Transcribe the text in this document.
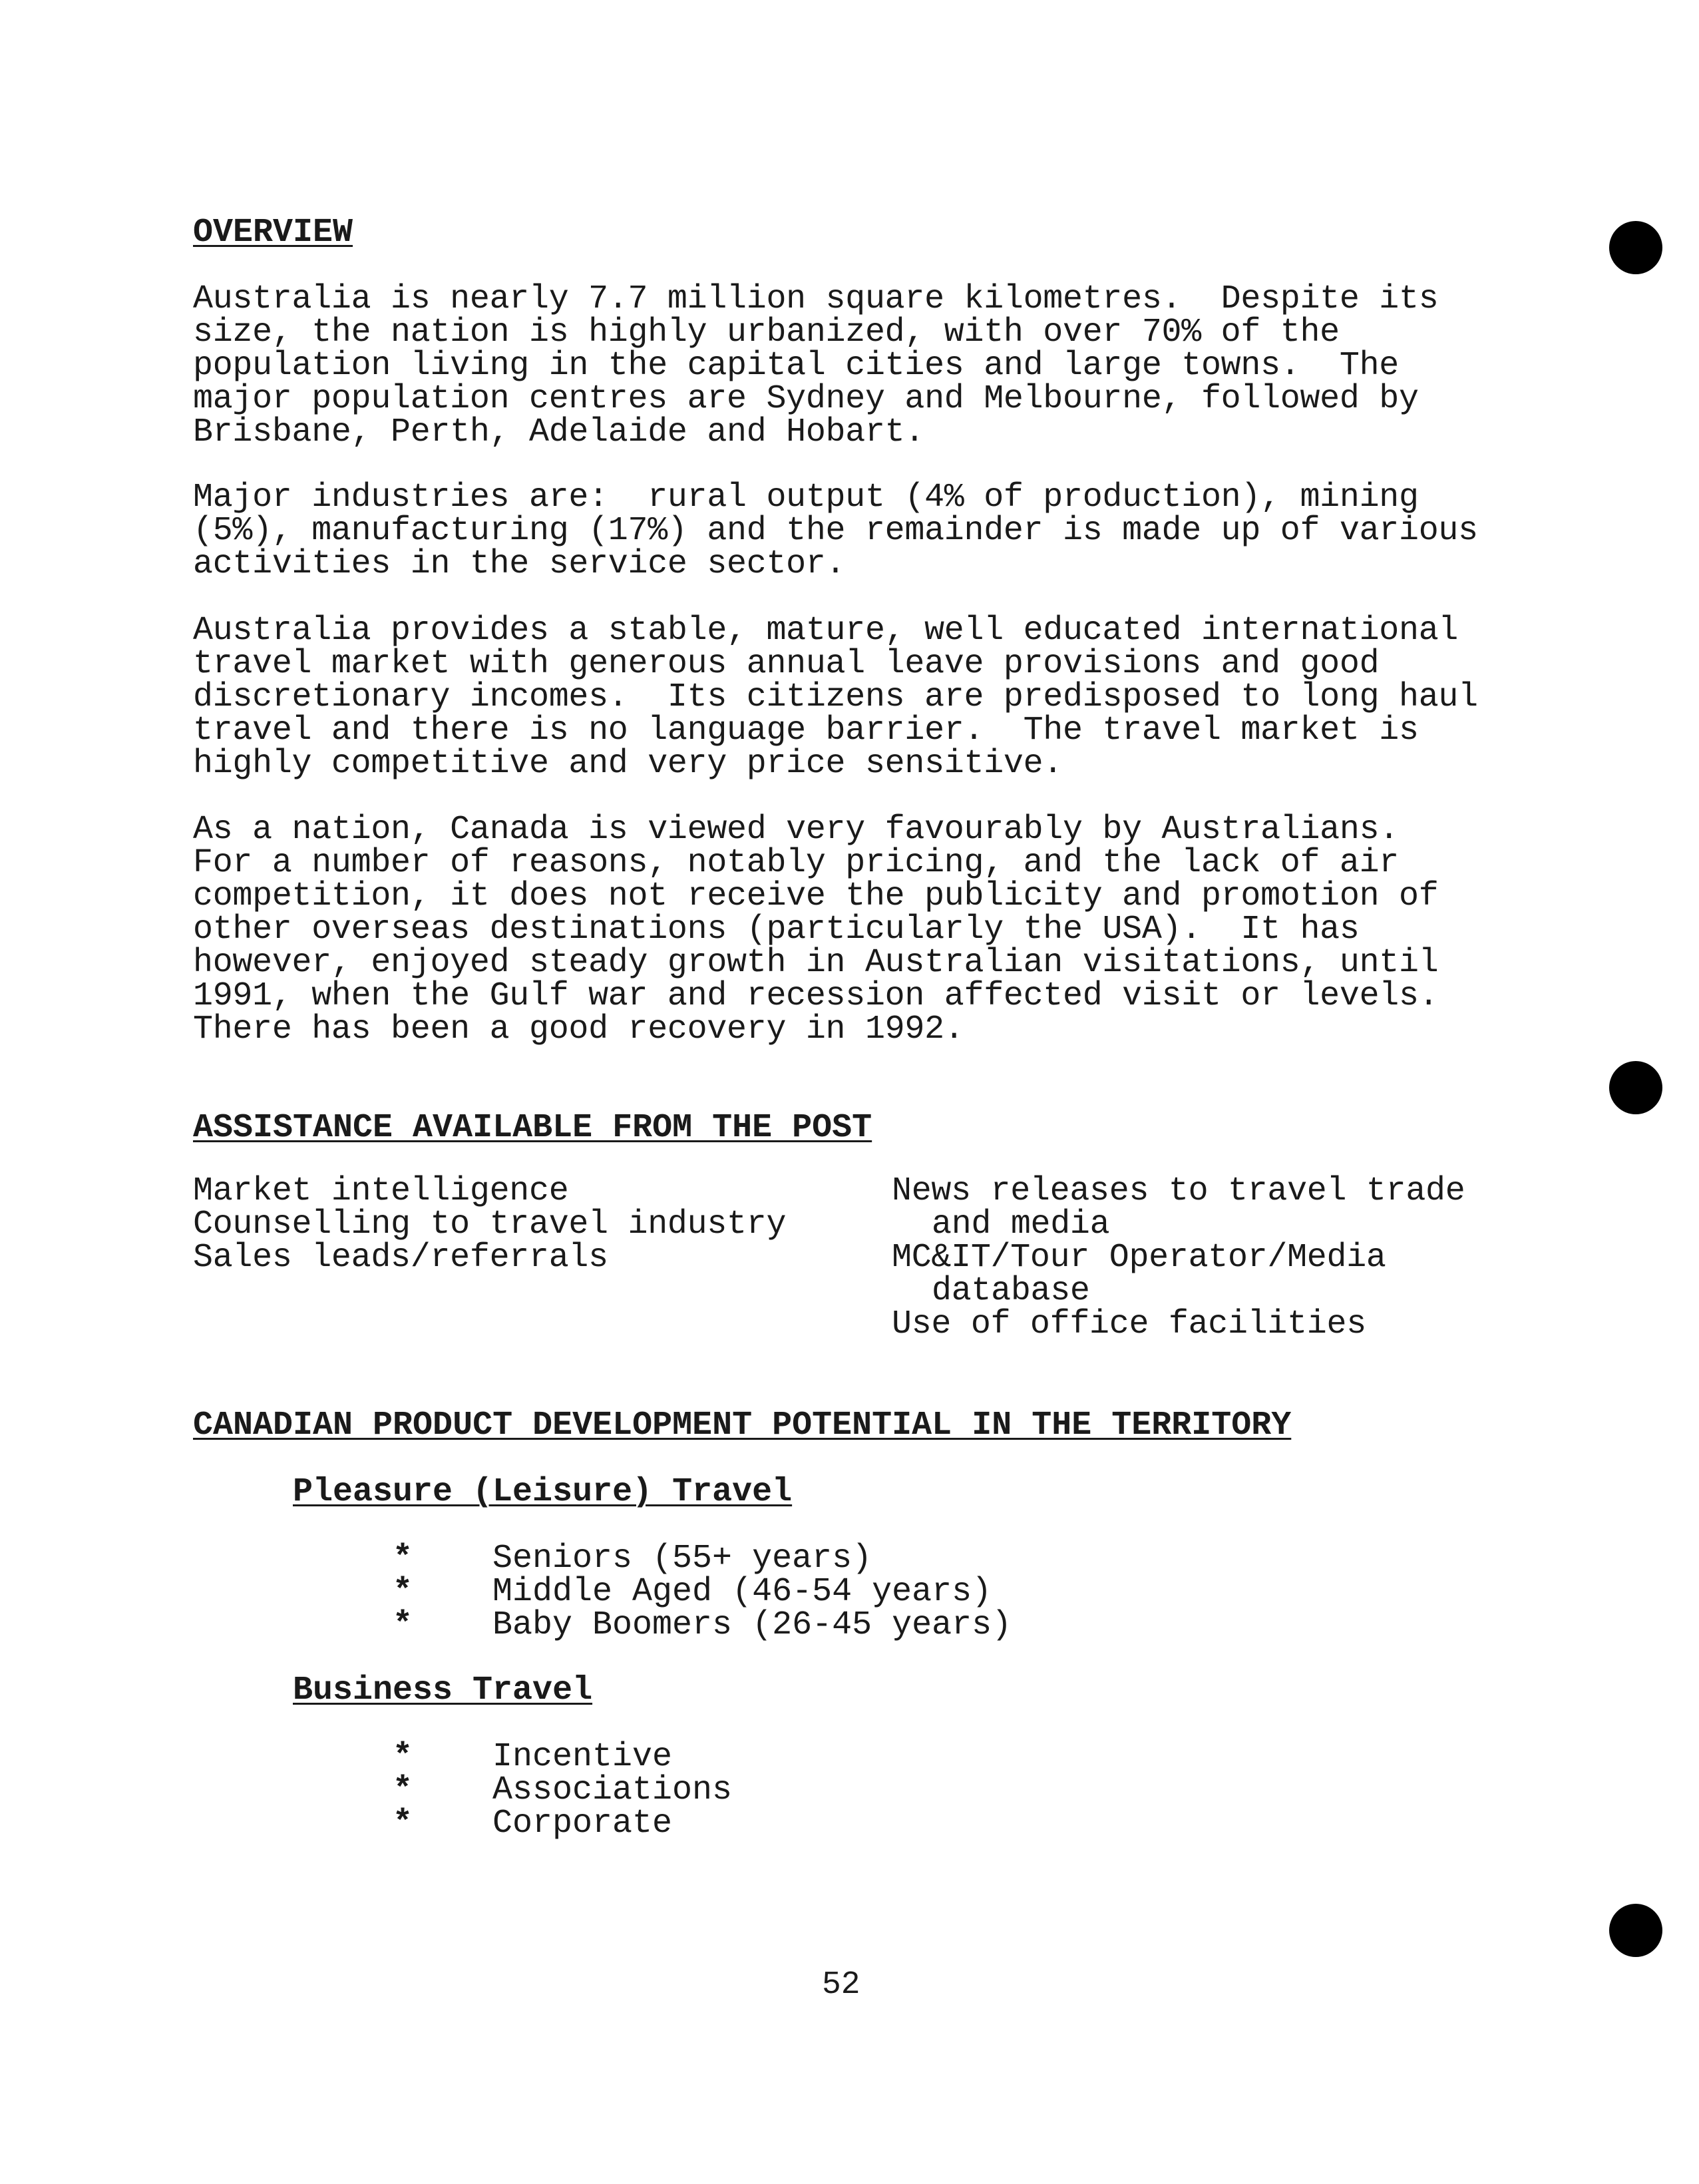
OVERVIEW

Australia is nearly 7.7 million square kilometres.  Despite its

size, the nation is highly urbanized, with over 70% of the

population living in the capital cities and large towns.  The

major population centres are Sydney and Melbourne, followed by

Brisbane, Perth, Adelaide and Hobart.

Major industries are:  rural output (4% of production), mining

(5%), manufacturing (17%) and the remainder is made up of various

activities in the service sector.

Australia provides a stable, mature, well educated international

travel market with generous annual leave provisions and good

discretionary incomes.  Its citizens are predisposed to long haul

travel and there is no language barrier.  The travel market is

highly competitive and very price sensitive.

As a nation, Canada is viewed very favourably by Australians.

For a number of reasons, notably pricing, and the lack of air

competition, it does not receive the publicity and promotion of

other overseas destinations (particularly the USA).  It has

however, enjoyed steady growth in Australian visitations, until

1991, when the Gulf war and recession affected visit or levels.

There has been a good recovery in 1992.

ASSISTANCE AVAILABLE FROM THE POST
Market intelligence
Counselling to travel industry
Sales leads/referrals
News releases to travel trade
and media
MC&IT/Tour Operator/Media
database
Use of office facilities
CANADIAN PRODUCT DEVELOPMENT POTENTIAL IN THE TERRITORY
Pleasure (Leisure) Travel
*	Seniors (55+ years)
*	Middle Aged (46-54 years)
*	Baby Boomers (26-45 years)
Business Travel
*	Incentive
*	Associations
*	Corporate
52
